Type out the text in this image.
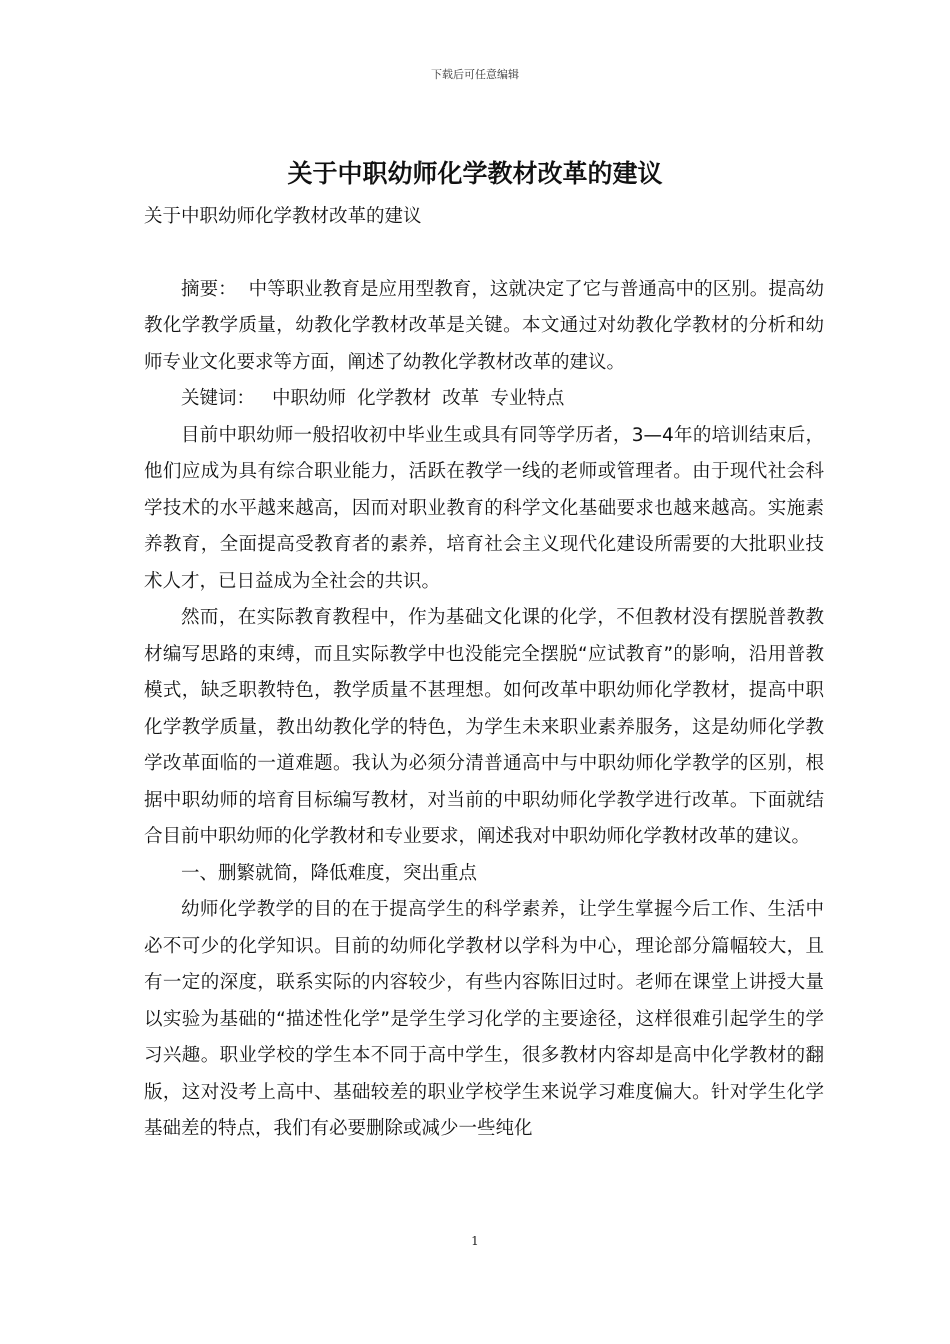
下载后可任意编辑
关于中职幼师化学教材改革的建议

关于中职幼师化学教材改革的建议

摘要： 中等职业教育是应用型教育，这就决定了它与普通高中的区别。提高幼教化学教学质量，幼教化学教材改革是关键。本文通过对幼教化学教材的分析和幼师专业文化要求等方面，阐述了幼教化学教材改革的建议。

关键词： 中职幼师 化学教材 改革 专业特点

目前中职幼师一般招收初中毕业生或具有同等学历者，3—4年的培训结束后，他们应成为具有综合职业能力，活跃在教学一线的老师或管理者。由于现代社会科学技术的水平越来越高，因而对职业教育的科学文化基础要求也越来越高。实施素养教育，全面提高受教育者的素养，培育社会主义现代化建设所需要的大批职业技术人才，已日益成为全社会的共识。

然而，在实际教育教程中，作为基础文化课的化学，不但教材没有摆脱普教教材编写思路的束缚，而且实际教学中也没能完全摆脱“应试教育”的影响，沿用普教模式，缺乏职教特色，教学质量不甚理想。如何改革中职幼师化学教材，提高中职化学教学质量，教出幼教化学的特色，为学生未来职业素养服务，这是幼师化学教学改革面临的一道难题。我认为必须分清普通高中与中职幼师化学教学的区别，根据中职幼师的培育目标编写教材，对当前的中职幼师化学教学进行改革。下面就结合目前中职幼师的化学教材和专业要求，阐述我对中职幼师化学教材改革的建议。

一、删繁就简，降低难度，突出重点

幼师化学教学的目的在于提高学生的科学素养，让学生掌握今后工作、生活中必不可少的化学知识。目前的幼师化学教材以学科为中心，理论部分篇幅较大，且有一定的深度，联系实际的内容较少，有些内容陈旧过时。老师在课堂上讲授大量以实验为基础的“描述性化学”是学生学习化学的主要途径，这样很难引起学生的学习兴趣。职业学校的学生本不同于高中学生，很多教材内容却是高中化学教材的翻版，这对没考上高中、基础较差的职业学校学生来说学习难度偏大。针对学生化学基础差的特点，我们有必要删除或减少一些纯化

1
